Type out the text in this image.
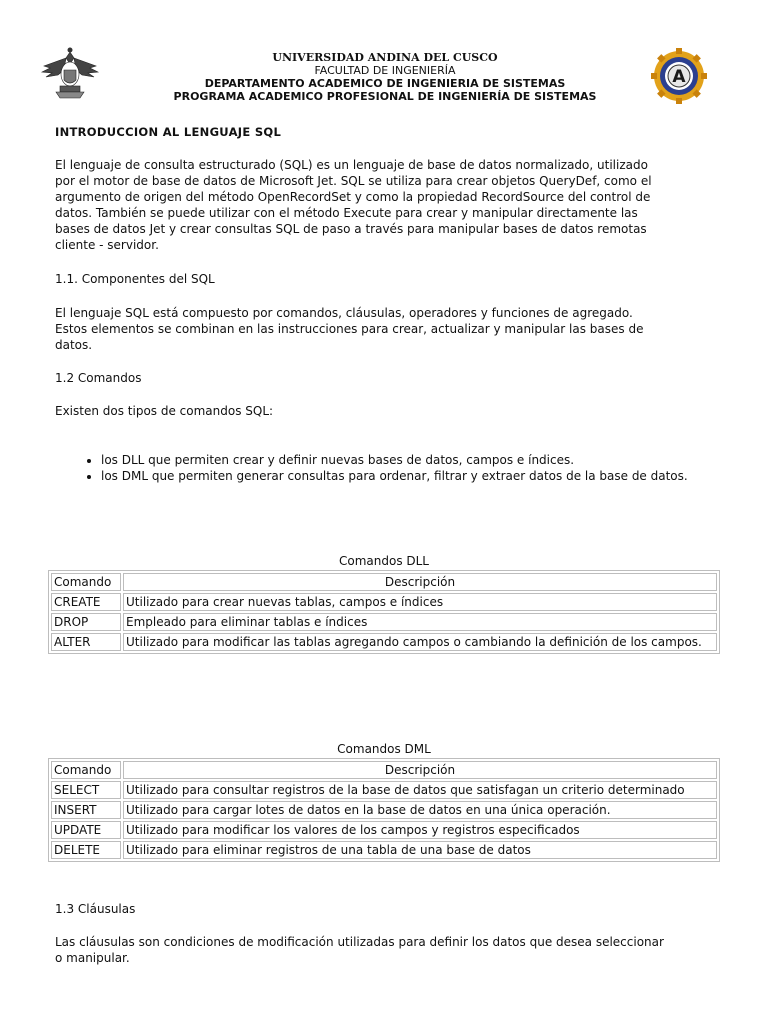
UNIVERSIDAD ANDINA DEL CUSCO
FACULTAD DE INGENIERÍA
DEPARTAMENTO ACADEMICO DE INGENIERIA DE SISTEMAS
PROGRAMA ACADEMICO PROFESIONAL DE INGENIERÍA DE SISTEMAS
A
INTRODUCCION AL LENGUAJE SQL
El lenguaje de consulta estructurado (SQL) es un lenguaje de base de datos normalizado, utilizado
por el motor de base de datos de Microsoft Jet. SQL se utiliza para crear objetos QueryDef, como el
argumento de origen del método OpenRecordSet y como la propiedad RecordSource del control de
datos. También se puede utilizar con el método Execute para crear y manipular directamente las
bases de datos Jet y crear consultas SQL de paso a través para manipular bases de datos remotas
cliente - servidor.
1.1. Componentes del SQL
El lenguaje SQL está compuesto por comandos, cláusulas, operadores y funciones de agregado.
Estos elementos se combinan en las instrucciones para crear, actualizar y manipular las bases de
datos.
1.2 Comandos
Existen dos tipos de comandos SQL:
• los DLL que permiten crear y definir nuevas bases de datos, campos e índices.
• los DML que permiten generar consultas para ordenar, filtrar y extraer datos de la base de datos.
Comandos DLL
Comando	Descripción
CREATE	Utilizado para crear nuevas tablas, campos e índices
DROP	Empleado para eliminar tablas e índices
ALTER	Utilizado para modificar las tablas agregando campos o cambiando la definición de los campos.
Comandos DML
Comando	Descripción
SELECT	Utilizado para consultar registros de la base de datos que satisfagan un criterio determinado
INSERT	Utilizado para cargar lotes de datos en la base de datos en una única operación.
UPDATE	Utilizado para modificar los valores de los campos y registros especificados
DELETE	Utilizado para eliminar registros de una tabla de una base de datos
1.3 Cláusulas
Las cláusulas son condiciones de modificación utilizadas para definir los datos que desea seleccionar
o manipular.
